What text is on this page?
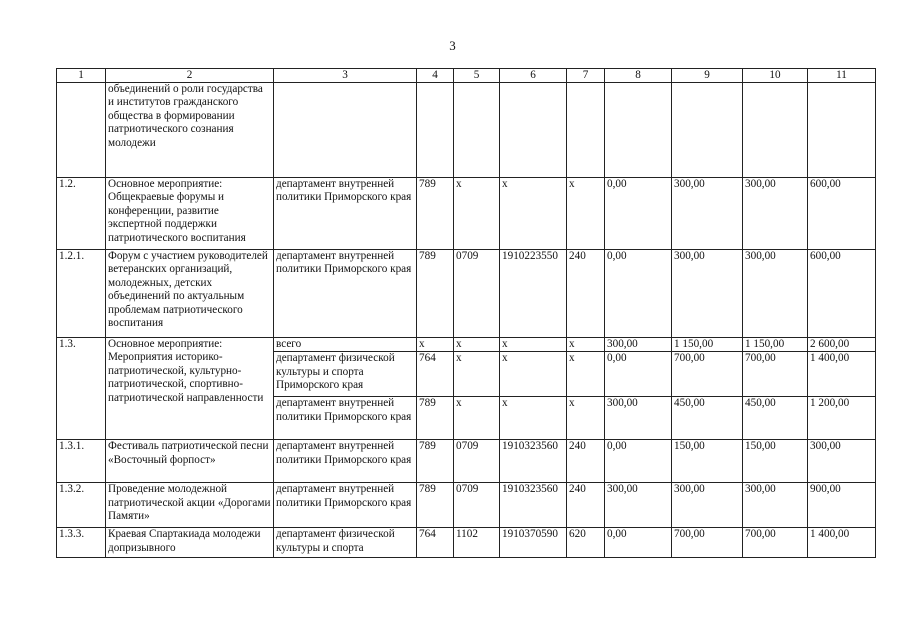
3
1	2	3	4	5	6	7	8	9	10	11
	объединений о роли государства и институтов гражданского общества в формировании патриотического сознания молодежи									
1.2.	Основное мероприятие: Общекраевые форумы и конференции, развитие экспертной поддержки патриотического воспитания	департамент внутренней политики Приморского края	789	x	x	x	0,00	300,00	300,00	600,00
1.2.1.	Форум с участием руководителей ветеранских организаций, молодежных, детских объединений по актуальным проблемам патриотического воспитания	департамент внутренней политики Приморского края	789	0709	1910223550	240	0,00	300,00	300,00	600,00
1.3.	Основное мероприятие: Мероприятия историко-патриотической, культурно-патриотической, спортивно-патриотической направленности	всего	x	x	x	x	300,00	1 150,00	1 150,00	2 600,00
		департамент физической культуры и спорта Приморского края	764	x	x	x	0,00	700,00	700,00	1 400,00
		департамент внутренней политики Приморского края	789	x	x	x	300,00	450,00	450,00	1 200,00
1.3.1.	Фестиваль патриотической песни «Восточный форпост»	департамент внутренней политики Приморского края	789	0709	1910323560	240	0,00	150,00	150,00	300,00
1.3.2.	Проведение молодежной патриотической акции «Дорогами Памяти»	департамент внутренней политики Приморского края	789	0709	1910323560	240	300,00	300,00	300,00	900,00
1.3.3.	Краевая Спартакиада молодежи допризывного	департамент физической культуры и спорта	764	1102	1910370590	620	0,00	700,00	700,00	1 400,00
